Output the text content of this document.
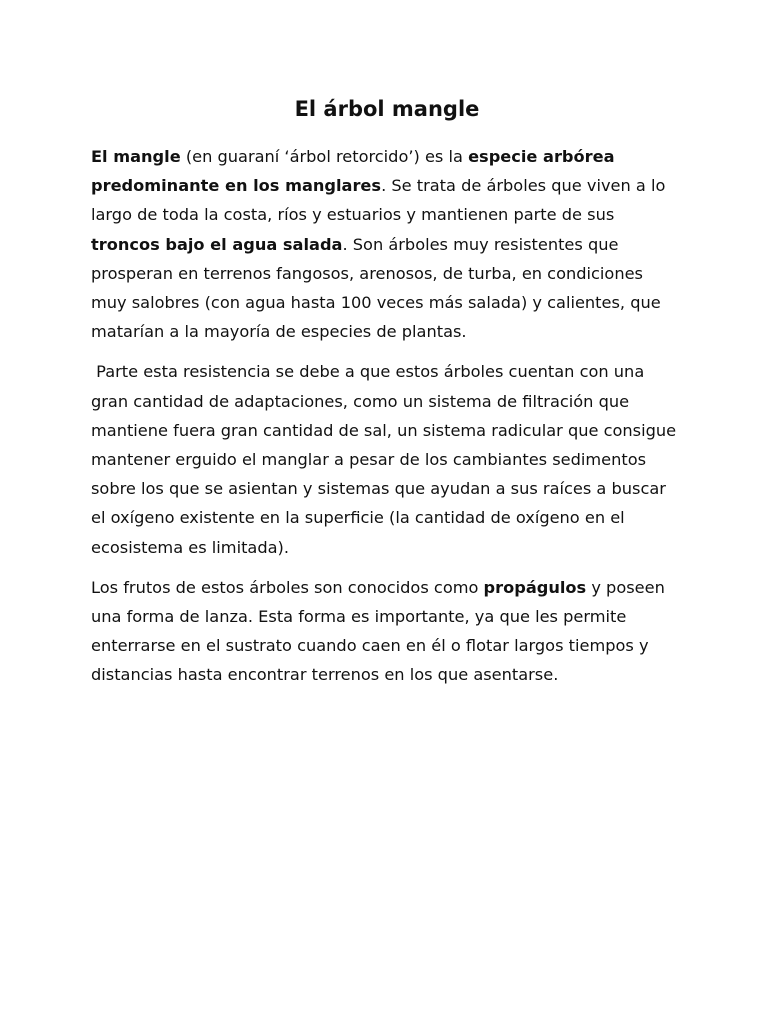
El árbol mangle

El mangle (en guaraní ‘árbol retorcido’) es la especie arbórea predominante en los manglares. Se trata de árboles que viven a lo largo de toda la costa, ríos y estuarios y mantienen parte de sus troncos bajo el agua salada. Son árboles muy resistentes que prosperan en terrenos fangosos, arenosos, de turba, en condiciones muy salobres (con agua hasta 100 veces más salada) y calientes, que matarían a la mayoría de especies de plantas.

Parte esta resistencia se debe a que estos árboles cuentan con una gran cantidad de adaptaciones, como un sistema de filtración que mantiene fuera gran cantidad de sal, un sistema radicular que consigue mantener erguido el manglar a pesar de los cambiantes sedimentos sobre los que se asientan y sistemas que ayudan a sus raíces a buscar el oxígeno existente en la superficie (la cantidad de oxígeno en el ecosistema es limitada).

Los frutos de estos árboles son conocidos como propágulos y poseen una forma de lanza. Esta forma es importante, ya que les permite enterrarse en el sustrato cuando caen en él o flotar largos tiempos y distancias hasta encontrar terrenos en los que asentarse.
